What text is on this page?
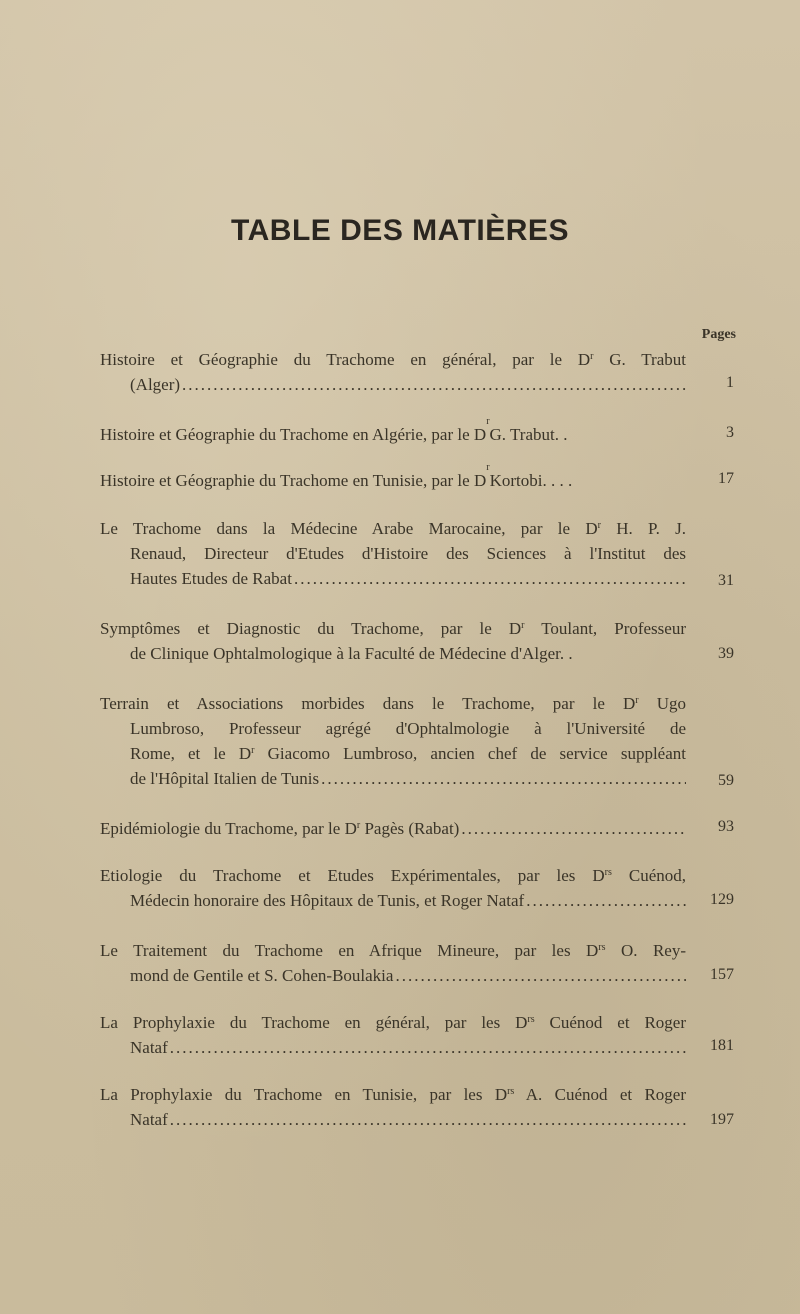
TABLE DES MATIÈRES
Pages
Histoire et Géographie du Trachome en général, par le $D^r$ G. Trabut
(Alger) .....	1
Histoire et Géographie du Trachome en Algérie, par le D
r
G. Trabut. .	3
Histoire et Géographie du Trachome en Tunisie, par le D
r
Kortobi. . . .	17
Le Trachome dans la Médecine Arabe Marocaine, par le $D^r$ H. P. J.
Renaud, Directeur d'Etudes d'Histoire des Sciences à l'Institut des
Hautes Etudes de Rabat .....	31
Symptômes et Diagnostic du Trachome, par le $D^r$ Toulant, Professeur
de Clinique Ophtalmologique à la Faculté de Médecine d'Alger. .	39
Terrain et Associations morbides dans le Trachome, par le $D^r$ Ugo
Lumbroso, Professeur agrégé d'Ophtalmologie à l'Université de
Rome, et le $D^r$ Giacomo Lumbroso, ancien chef de service suppléant
de l'Hôpital Italien de Tunis .....	59
Epidémiologie du Trachome, par le $D^r$ Pagès (Rabat) .....	93
Etiologie du Trachome et Etudes Expérimentales, par les $D^{rs}$ Cuénod,
Médecin honoraire des Hôpitaux de Tunis, et Roger Nataf .....	129
Le Traitement du Trachome en Afrique Mineure, par les $D^{rs}$ O. Rey-
mond de Gentile et S. Cohen-Boulakia .....	157
La Prophylaxie du Trachome en général, par les $D^{rs}$ Cuénod et Roger
Nataf .....	181
La Prophylaxie du Trachome en Tunisie, par les $D^{rs}$ A. Cuénod et Roger
Nataf .....	197
